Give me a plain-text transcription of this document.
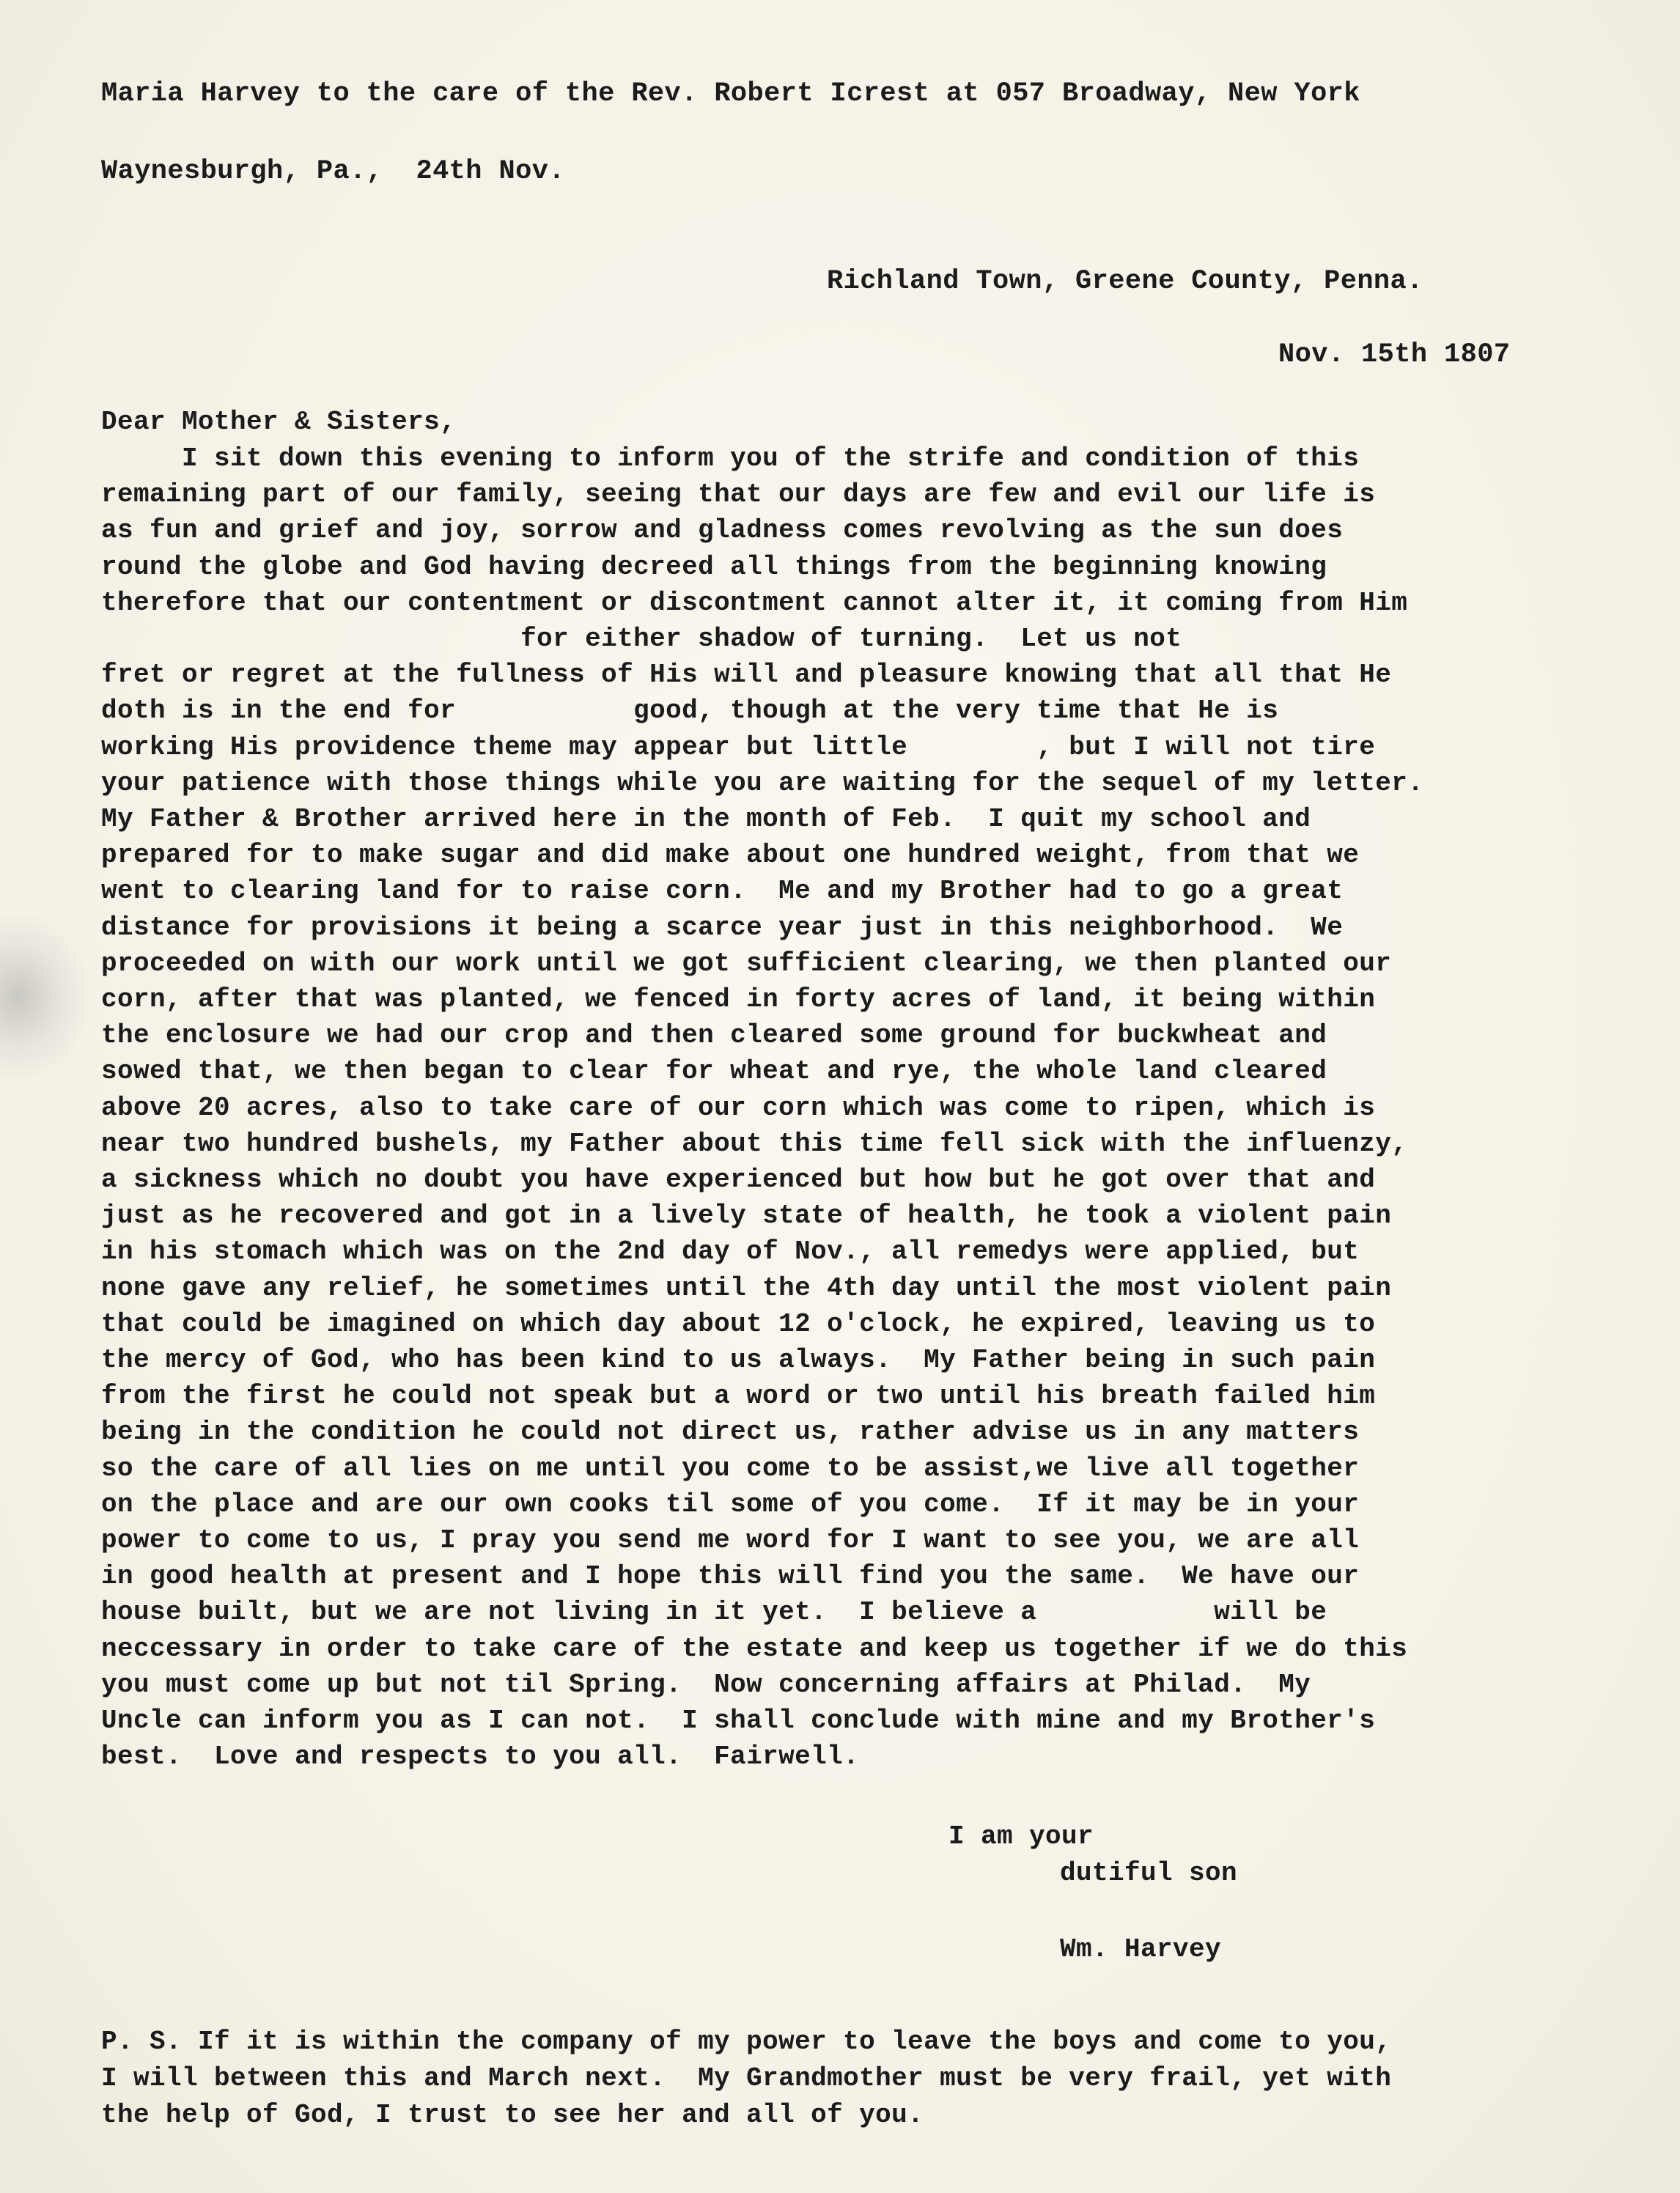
Maria Harvey to the care of the Rev. Robert Icrest at 057 Broadway, New York
Waynesburgh, Pa.,  24th Nov.
Richland Town, Greene County, Penna.
Nov. 15th 1807
Dear Mother & Sisters,
I sit down this evening to inform you of the strife and condition of this
remaining part of our family, seeing that our days are few and evil our life is
as fun and grief and joy, sorrow and gladness comes revolving as the sun does
round the globe and God having decreed all things from the beginning knowing
therefore that our contentment or discontment cannot alter it, it coming from Him
for either shadow of turning.  Let us not
fret or regret at the fullness of His will and pleasure knowing that all that He
doth is in the end for           good, though at the very time that He is
working His providence theme may appear but little        , but I will not tire
your patience with those things while you are waiting for the sequel of my letter.
My Father & Brother arrived here in the month of Feb.  I quit my school and
prepared for to make sugar and did make about one hundred weight, from that we
went to clearing land for to raise corn.  Me and my Brother had to go a great
distance for provisions it being a scarce year just in this neighborhood.  We
proceeded on with our work until we got sufficient clearing, we then planted our
corn, after that was planted, we fenced in forty acres of land, it being within
the enclosure we had our crop and then cleared some ground for buckwheat and
sowed that, we then began to clear for wheat and rye, the whole land cleared
above 20 acres, also to take care of our corn which was come to ripen, which is
near two hundred bushels, my Father about this time fell sick with the influenzy,
a sickness which no doubt you have experienced but how but he got over that and
just as he recovered and got in a lively state of health, he took a violent pain
in his stomach which was on the 2nd day of Nov., all remedys were applied, but
none gave any relief, he sometimes until the 4th day until the most violent pain
that could be imagined on which day about 12 o'clock, he expired, leaving us to
the mercy of God, who has been kind to us always.  My Father being in such pain
from the first he could not speak but a word or two until his breath failed him
being in the condition he could not direct us, rather advise us in any matters
so the care of all lies on me until you come to be assist,we live all together
on the place and are our own cooks til some of you come.  If it may be in your
power to come to us, I pray you send me word for I want to see you, we are all
in good health at present and I hope this will find you the same.  We have our
house built, but we are not living in it yet.  I believe a           will be
neccessary in order to take care of the estate and keep us together if we do this
you must come up but not til Spring.  Now concerning affairs at Philad.  My
Uncle can inform you as I can not.  I shall conclude with mine and my Brother's
best.  Love and respects to you all.  Fairwell.
I am your
dutiful son
Wm. Harvey
P. S. If it is within the company of my power to leave the boys and come to you,
I will between this and March next.  My Grandmother must be very frail, yet with
the help of God, I trust to see her and all of you.
